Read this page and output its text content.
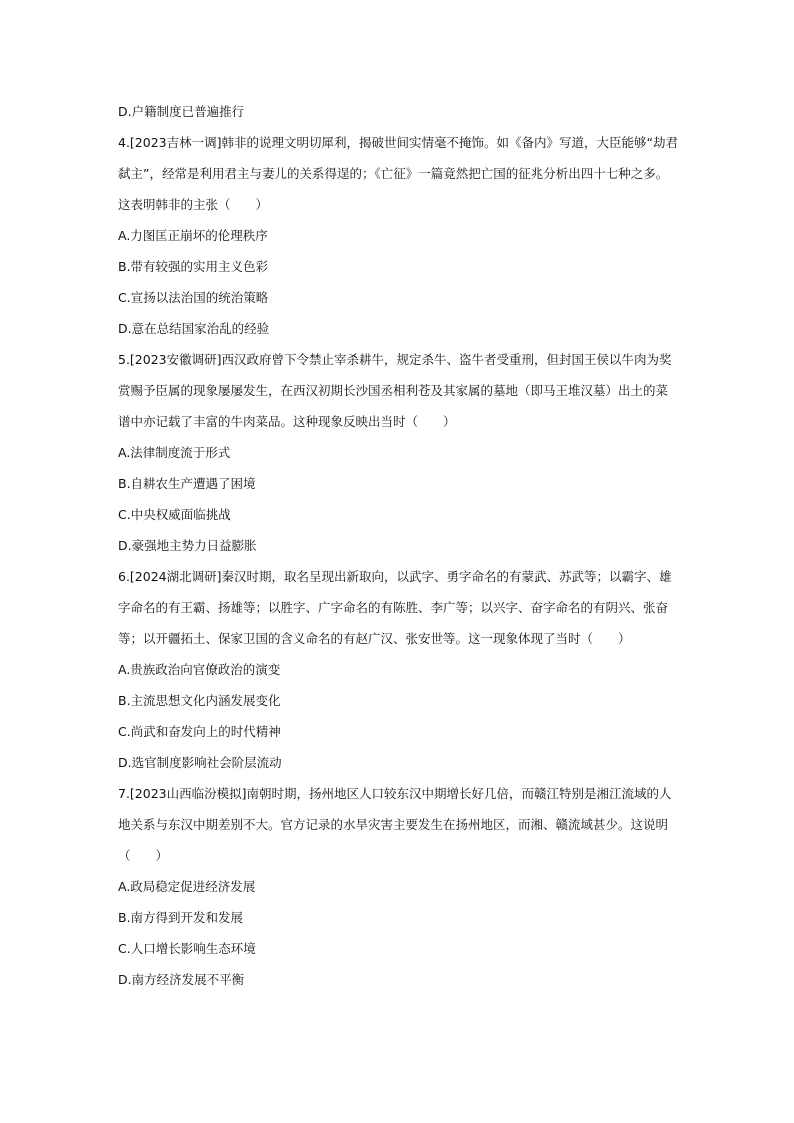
D.户籍制度已普遍推行
4.[2023吉林一调]韩非的说理文明切犀利，揭破世间实情毫不掩饰。如《备内》写道，大臣能够“劫君弑主”，经常是利用君主与妻儿的关系得逞的；《亡征》一篇竟然把亡国的征兆分析出四十七种之多。这表明韩非的主张（　　）
A.力图匡正崩坏的伦理秩序
B.带有较强的实用主义色彩
C.宣扬以法治国的统治策略
D.意在总结国家治乱的经验
5.[2023安徽调研]西汉政府曾下令禁止宰杀耕牛，规定杀牛、盗牛者受重刑，但封国王侯以牛肉为奖赏赐予臣属的现象屡屡发生，在西汉初期长沙国丞相利苍及其家属的墓地（即马王堆汉墓）出土的菜谱中亦记载了丰富的牛肉菜品。这种现象反映出当时（　　）
A.法律制度流于形式
B.自耕农生产遭遇了困境
C.中央权威面临挑战
D.豪强地主势力日益膨胀
6.[2024湖北调研]秦汉时期，取名呈现出新取向，以武字、勇字命名的有蒙武、苏武等；以霸字、雄字命名的有王霸、扬雄等；以胜字、广字命名的有陈胜、李广等；以兴字、奋字命名的有阴兴、张奋等；以开疆拓土、保家卫国的含义命名的有赵广汉、张安世等。这一现象体现了当时（　　）
A.贵族政治向官僚政治的演变
B.主流思想文化内涵发展变化
C.尚武和奋发向上的时代精神
D.选官制度影响社会阶层流动
7.[2023山西临汾模拟]南朝时期，扬州地区人口较东汉中期增长好几倍，而赣江特别是湘江流域的人地关系与东汉中期差别不大。官方记录的水旱灾害主要发生在扬州地区，而湘、赣流域甚少。这说明（　　）
A.政局稳定促进经济发展
B.南方得到开发和发展
C.人口增长影响生态环境
D.南方经济发展不平衡
